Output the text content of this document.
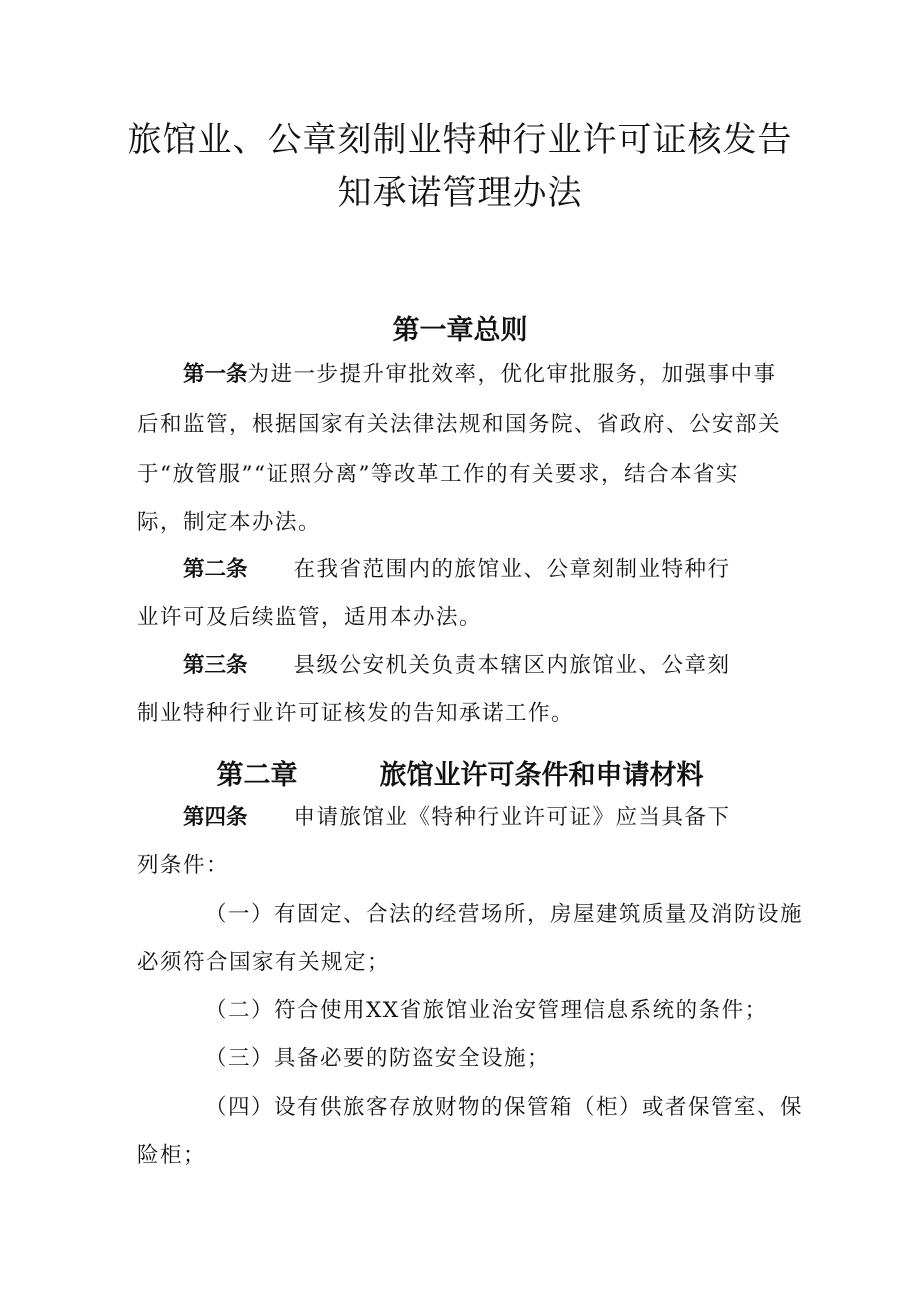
旅馆业、公章刻制业特种行业许可证核发告
知承诺管理办法
第一章总则

第一条为进一步提升审批效率，优化审批服务，加强事中事

后和监管，根据国家有关法律法规和国务院、省政府、公安部关

于“放管服”“证照分离”等改革工作的有关要求，结合本省实

际，制定本办法。

第二条 在我省范围内的旅馆业、公章刻制业特种行

业许可及后续监管，适用本办法。

第三条 县级公安机关负责本辖区内旅馆业、公章刻

制业特种行业许可证核发的告知承诺工作。

第二章	旅馆业许可条件和申请材料

第四条 申请旅馆业《特种行业许可证》应当具备下

列条件：

（一）有固定、合法的经营场所，房屋建筑质量及消防设施

必须符合国家有关规定；

（二）符合使用XX省旅馆业治安管理信息系统的条件；

（三）具备必要的防盗安全设施；

（四）设有供旅客存放财物的保管箱（柜）或者保管室、保

险柜；
